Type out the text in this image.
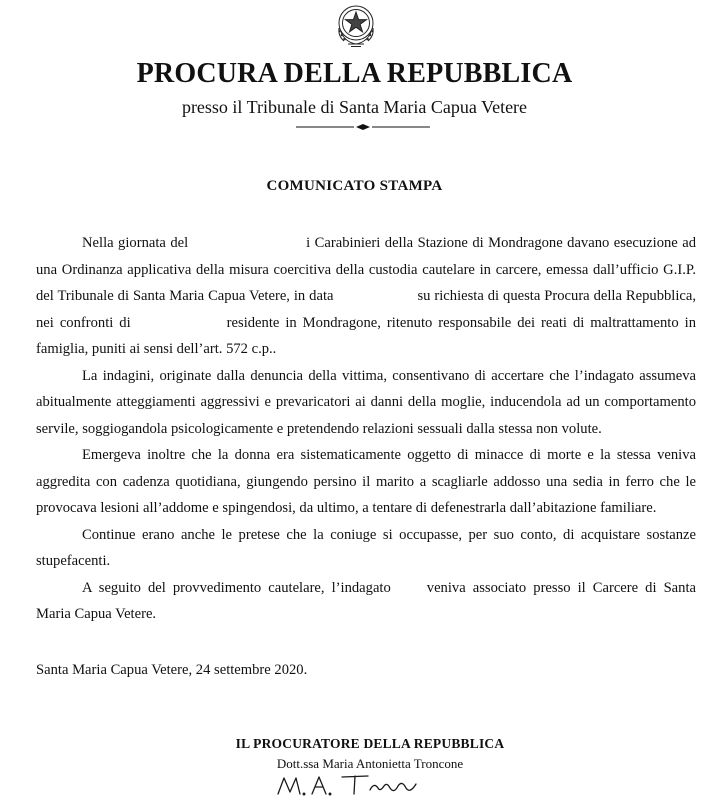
PROCURA DELLA REPUBBLICA
presso il Tribunale di Santa Maria Capua Vetere
COMUNICATO STAMPA

Nella giornata del	i Carabinieri della Stazione di Mondragone davano esecuzione ad una Ordinanza applicativa della misura coercitiva della custodia cautelare in carcere, emessa dall’ufficio G.I.P. del Tribunale di Santa Maria Capua Vetere, in data	su richiesta di questa Procura della Repubblica, nei confronti di	residente in Mondragone, ritenuto responsabile dei reati di maltrattamento in famiglia, puniti ai sensi dell’art. 572 c.p..

La indagini, originate dalla denuncia della vittima, consentivano di accertare che l’indagato assumeva abitualmente atteggiamenti aggressivi e prevaricatori ai danni della moglie, inducendola ad un comportamento servile, soggiogandola psicologicamente e pretendendo relazioni sessuali dalla stessa non volute.

Emergeva inoltre che la donna era sistematicamente oggetto di minacce di morte e la stessa veniva aggredita con cadenza quotidiana, giungendo persino il marito a scagliarle addosso una sedia in ferro che le provocava lesioni all’addome e spingendosi, da ultimo, a tentare di defenestrarla dall’abitazione familiare.

Continue erano anche le pretese che la coniuge si occupasse, per suo conto, di acquistare sostanze stupefacenti.

A seguito del provvedimento cautelare, l’indagato veniva associato presso il Carcere di Santa Maria Capua Vetere.

Santa Maria Capua Vetere, 24 settembre 2020.
IL PROCURATORE DELLA REPUBBLICA
Dott.ssa Maria Antonietta Troncone
